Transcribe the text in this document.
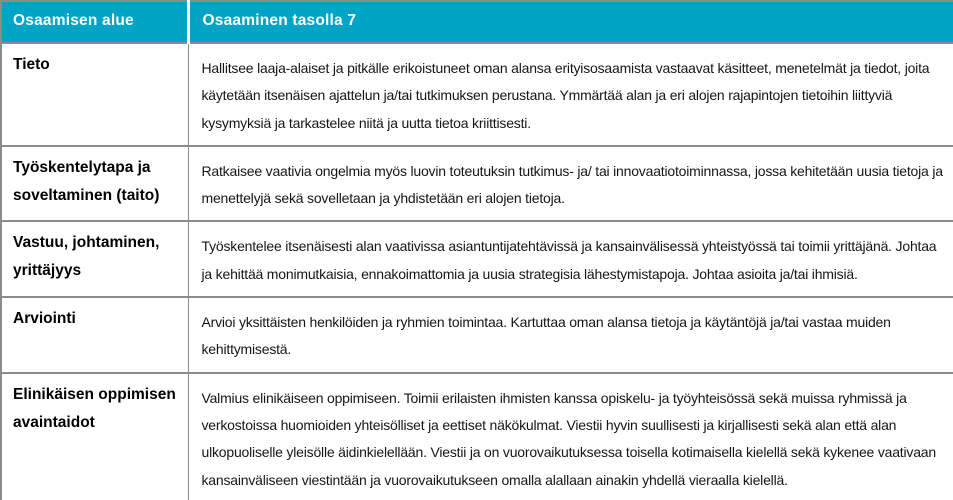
Osaamisen alue	Osaaminen tasolla 7
Tieto	Hallitsee laaja-alaiset ja pitkälle erikoistuneet oman alansa erityisosaamista vastaavat käsitteet, menetelmät ja tiedot, joita käytetään itsenäisen ajattelun ja/tai tutkimuksen perustana. Ymmärtää alan ja eri alojen rajapintojen tietoihin liittyviä kysymyksiä ja tarkastelee niitä ja uutta tietoa kriittisesti.
Työskentelytapa ja soveltaminen (taito)	Ratkaisee vaativia ongelmia myös luovin toteutuksin tutkimus- ja/ tai innovaatiotoiminnassa, jossa kehitetään uusia tietoja ja menettelyjä sekä sovelletaan ja yhdistetään eri alojen tietoja.
Vastuu, johtaminen, yrittäjyys	Työskentelee itsenäisesti alan vaativissa asiantuntijatehtävissä ja kansainvälisessä yhteistyössä tai toimii yrittäjänä. Johtaa ja kehittää monimutkaisia, ennakoimattomia ja uusia strategisia lähestymistapoja. Johtaa asioita ja/tai ihmisiä.
Arviointi	Arvioi yksittäisten henkilöiden ja ryhmien toimintaa. Kartuttaa oman alansa tietoja ja käytäntöjä ja/tai vastaa muiden kehittymisestä.
Elinikäisen oppimisen avaintaidot	Valmius elinikäiseen oppimiseen. Toimii erilaisten ihmisten kanssa opiskelu- ja työyhteisössä sekä muissa ryhmissä ja verkostoissa huomioiden yhteisölliset ja eettiset näkökulmat. Viestii hyvin suullisesti ja kirjallisesti sekä alan että alan ulkopuoliselle yleisölle äidinkielellään. Viestii ja on vuorovaikutuksessa toisella kotimaisella kielellä sekä kykenee vaativaan kansainväliseen viestintään ja vuorovaikutukseen omalla alallaan ainakin yhdellä vieraalla kielellä.
